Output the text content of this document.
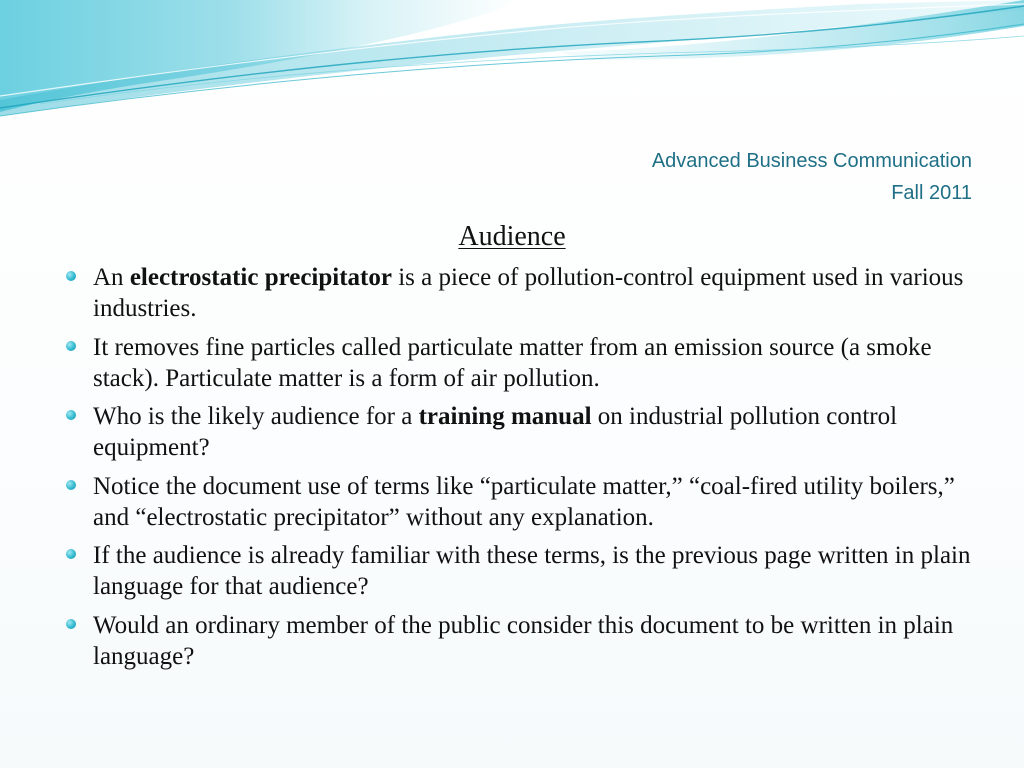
Advanced Business Communication
Fall 2011
Audience
An electrostatic precipitator is a piece of pollution-control equipment used in various industries.
It removes fine particles called particulate matter from an emission source (a smoke stack). Particulate matter is a form of air pollution.
Who is the likely audience for a training manual on industrial pollution control equipment?
Notice the document use of terms like “particulate matter,” “coal-fired utility boilers,” and “electrostatic precipitator” without any explanation.
If the audience is already familiar with these terms, is the previous page written in plain language for that audience?
Would an ordinary member of the public consider this document to be written in plain language?
